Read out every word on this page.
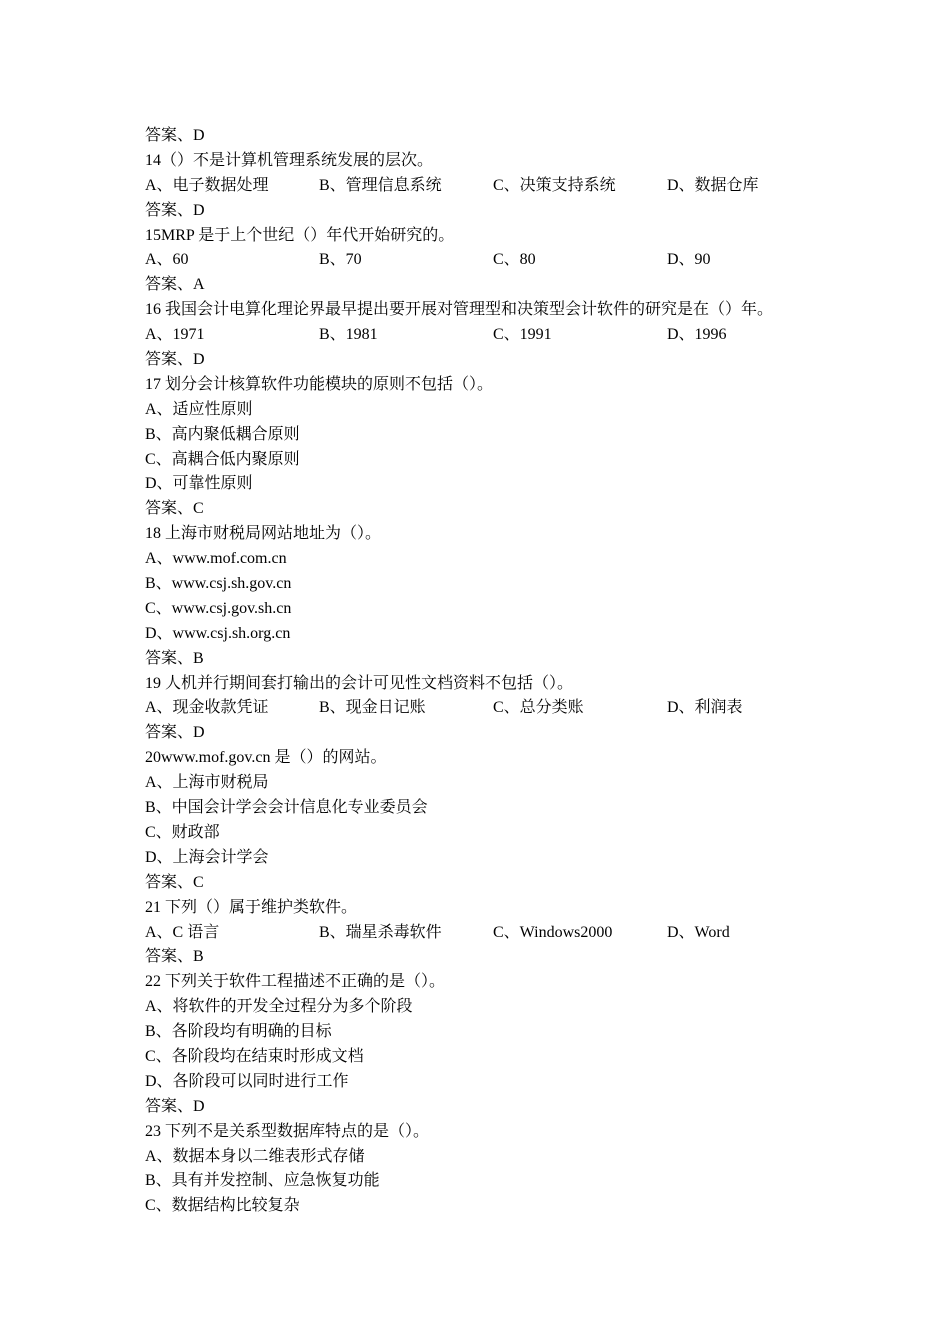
答案、D
14（）不是计算机管理系统发展的层次。
A、电子数据处理	B、管理信息系统	C、决策支持系统	D、数据仓库
答案、D
15MRP 是于上个世纪（）年代开始研究的。
A、60	B、70	C、80	D、90
答案、A
16 我国会计电算化理论界最早提出要开展对管理型和决策型会计软件的研究是在（）年。
A、1971	B、1981	C、1991	D、1996
答案、D
17 划分会计核算软件功能模块的原则不包括（）。
A、适应性原则
B、高内聚低耦合原则
C、高耦合低内聚原则
D、可靠性原则
答案、C
18 上海市财税局网站地址为（）。
A、www.mof.com.cn
B、www.csj.sh.gov.cn
C、www.csj.gov.sh.cn
D、www.csj.sh.org.cn
答案、B
19 人机并行期间套打输出的会计可见性文档资料不包括（）。
A、现金收款凭证	B、现金日记账	C、总分类账	D、利润表
答案、D
20www.mof.gov.cn 是（）的网站。
A、上海市财税局
B、中国会计学会会计信息化专业委员会
C、财政部
D、上海会计学会
答案、C
21 下列（）属于维护类软件。
A、C 语言	B、瑞星杀毒软件	C、Windows2000	D、Word
答案、B
22 下列关于软件工程描述不正确的是（）。
A、将软件的开发全过程分为多个阶段
B、各阶段均有明确的目标
C、各阶段均在结束时形成文档
D、各阶段可以同时进行工作
答案、D
23 下列不是关系型数据库特点的是（）。
A、数据本身以二维表形式存储
B、具有并发控制、应急恢复功能
C、数据结构比较复杂
